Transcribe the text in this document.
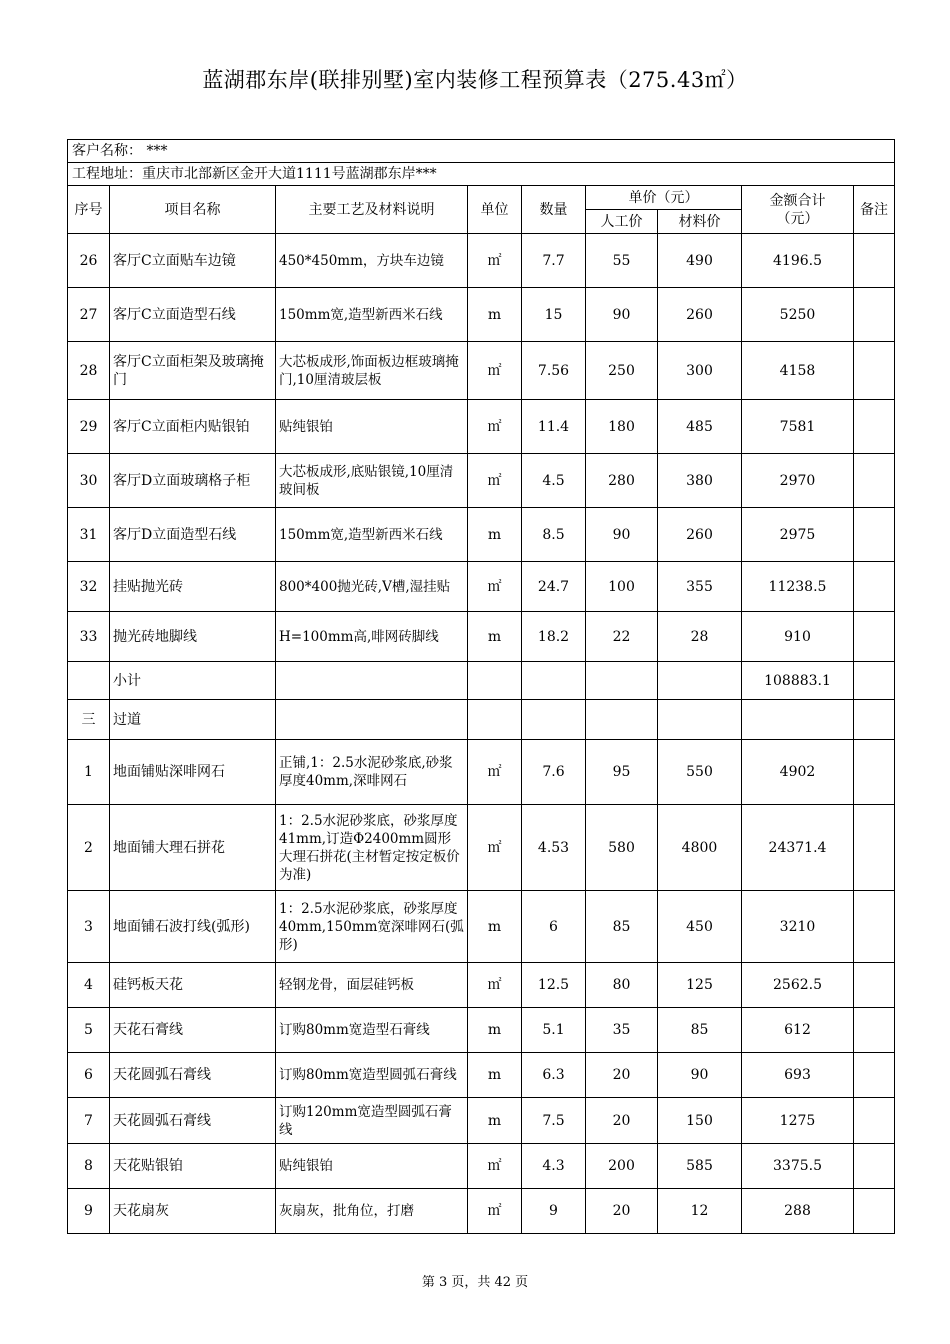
蓝湖郡东岸(联排别墅)室内装修工程预算表（275.43㎡）
客户名称： ***								
工程地址：重庆市北部新区金开大道1111号蓝湖郡东岸***								
序号	项目名称	主要工艺及材料说明	单位	数量	单价（元）		金额合计（元）	备注
					人工价	材料价		
26	客厅C立面贴车边镜	450*450mm，方块车边镜	㎡	7.7	55	490	4196.5	
27	客厅C立面造型石线	150mm宽,造型新西米石线	m	15	90	260	5250	
28	客厅C立面柜架及玻璃掩门	大芯板成形,饰面板边框玻璃掩门,10厘清玻层板	㎡	7.56	250	300	4158	
29	客厅C立面柜内贴银铂	贴纯银铂	㎡	11.4	180	485	7581	
30	客厅D立面玻璃格子柜	大芯板成形,底贴银镜,10厘清玻间板	㎡	4.5	280	380	2970	
31	客厅D立面造型石线	150mm宽,造型新西米石线	m	8.5	90	260	2975	
32	挂贴抛光砖	800*400抛光砖,V槽,湿挂贴	㎡	24.7	100	355	11238.5	
33	抛光砖地脚线	H=100mm高,啡网砖脚线	m	18.2	22	28	910	
	小计						108883.1	
三	过道							
1	地面铺贴深啡网石	正铺,1：2.5水泥砂浆底,砂浆厚度40mm,深啡网石	㎡	7.6	95	550	4902	
2	地面铺大理石拼花	1：2.5水泥砂浆底，砂浆厚度41mm,订造Φ2400mm圆形大理石拼花(主材暂定按定板价为准)	㎡	4.53	580	4800	24371.4	
3	地面铺石波打线(弧形)	1：2.5水泥砂浆底，砂浆厚度40mm,150mm宽深啡网石(弧形)	m	6	85	450	3210	
4	硅钙板天花	轻钢龙骨，面层硅钙板	㎡	12.5	80	125	2562.5	
5	天花石膏线	订购80mm宽造型石膏线	m	5.1	35	85	612	
6	天花圆弧石膏线	订购80mm宽造型圆弧石膏线	m	6.3	20	90	693	
7	天花圆弧石膏线	订购120mm宽造型圆弧石膏线	m	7.5	20	150	1275	
8	天花贴银铂	贴纯银铂	㎡	4.3	200	585	3375.5	
9	天花扇灰	灰扇灰，批角位，打磨	㎡	9	20	12	288	
第 3 页，共 42 页
